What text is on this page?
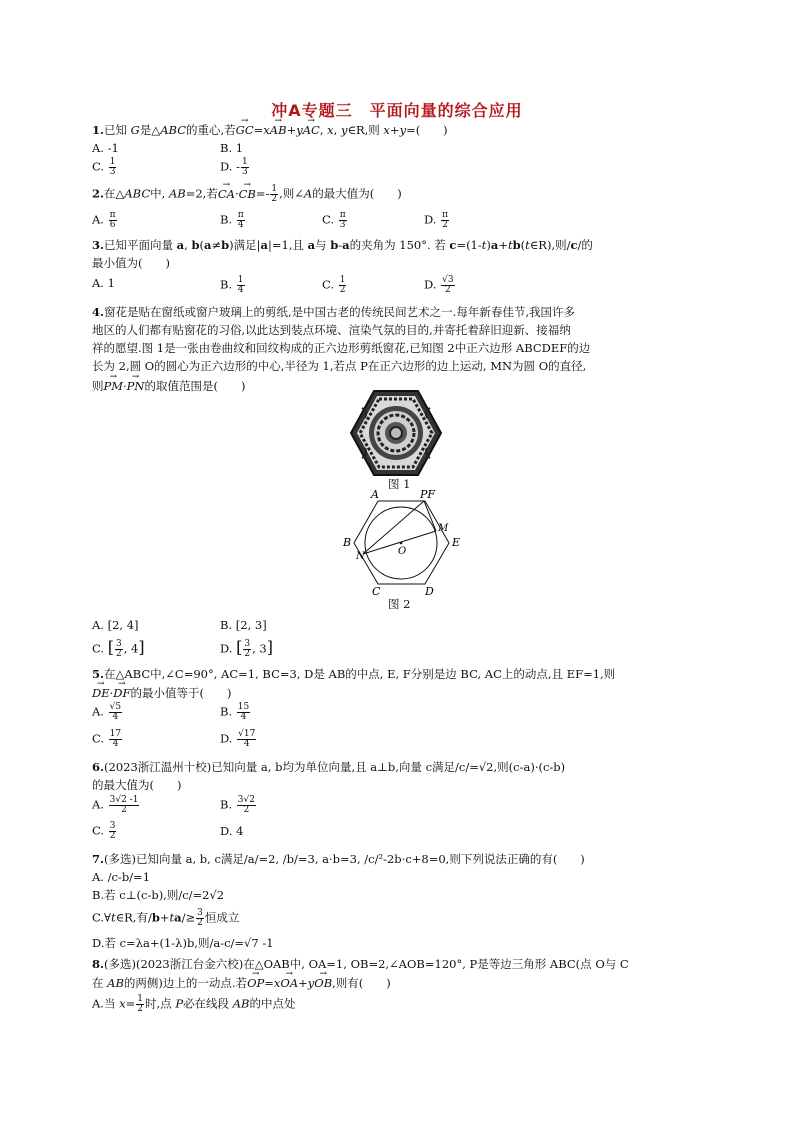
冲A专题三　平面向量的综合应用
1.已知 G是△ABC的重心,若→ GC=x→ AB+y→ AC, x, y∈R,则 x+y=(　　)
A. -1	B. 1
C. $\frac{1}{3}$	D. - $\frac{1}{3}$
2.在△ABC中, AB=2,若→ $CA\cdot\to CB=- \frac{1}{2}$ ,则∠A的最大值为(　　)
A. $\frac{\pi}{6}$	B. $\frac{\pi}{4}$	C. $\frac{\pi}{3}$	D. $\frac{\pi}{2}$
3.已知平面向量 a, b(a≠b)满足|a|=1,且 a与 b-a的夹角为 150°. 若 c=(1-t)a+tb(t∈R),则/c/的
最小值为(　　)
A. 1	B. $\frac{1}{4}$	C. $\frac{1}{2}$	D. $\frac{√3}{2}$
4.窗花是贴在窗纸或窗户玻璃上的剪纸,是中国古老的传统民间艺术之一.每年新春佳节,我国许多
地区的人们都有贴窗花的习俗,以此达到装点环境、渲染气氛的目的,并寄托着辞旧迎新、接福纳
祥的愿望.图 1是一张由卷曲纹和回纹构成的正六边形剪纸窗花,已知图 2中正六边形 ABCDEF的边
长为 2,圆 O的圆心为正六边形的中心,半径为 1,若点 P在正六边形的边上运动, MN为圆 O的直径,
则→ PM·→ PN的取值范围是(　　)
图 1
A	PF
B	E
C	D
M
N	O
图 2
A. [2, 4]	B. [2, 3]
C. [ $\frac{3}{2}$ , 4]	D. [ $\frac{3}{2}$ , 3]
5.在△ABC中,∠C=90°, AC=1, BC=3, D是 AB的中点, E, F分别是边 BC, AC上的动点,且 EF=1,则
→ DE·→ DF的最小值等于(　　)
A. $\frac{√5}{4}$	B. $\frac{15}{4}$
C. $\frac{17}{4}$	D. $\frac{√17}{4}$
6.(2023浙江温州十校)已知向量 a, b均为单位向量,且 a⊥b,向量 c满足/c/=√2,则(c-a)·(c-b)
的最大值为(　　)
A. $\frac{3√2 -1}{2}$	B. $\frac{3√2}{2}$
C. $\frac{3}{2}$	D. 4
7.(多选)已知向量 a, b, c满足/a/=2, /b/=3, a·b=3, /c/²-2b·c+8=0,则下列说法正确的有(　　)
A. /c-b/=1
B.若 c⊥(c-b),则/c/=2√2
C.∀t∈R,有$/b+ta/\ge \frac{3}{2}$ 恒成立
D.若 c=λa+(1-λ)b,则/a-c/=√7 -1
8.(多选)(2023浙江台金六校)在△OAB中, OA=1, OB=2,∠AOB=120°, P是等边三角形 ABC(点 O与 C
在 AB的两侧)边上的一动点.若→ OP=x→ OA+y→ OB,则有(　　)
A.当 $x= \frac{1}{2}$ 时,点 P必在线段 AB的中点处
